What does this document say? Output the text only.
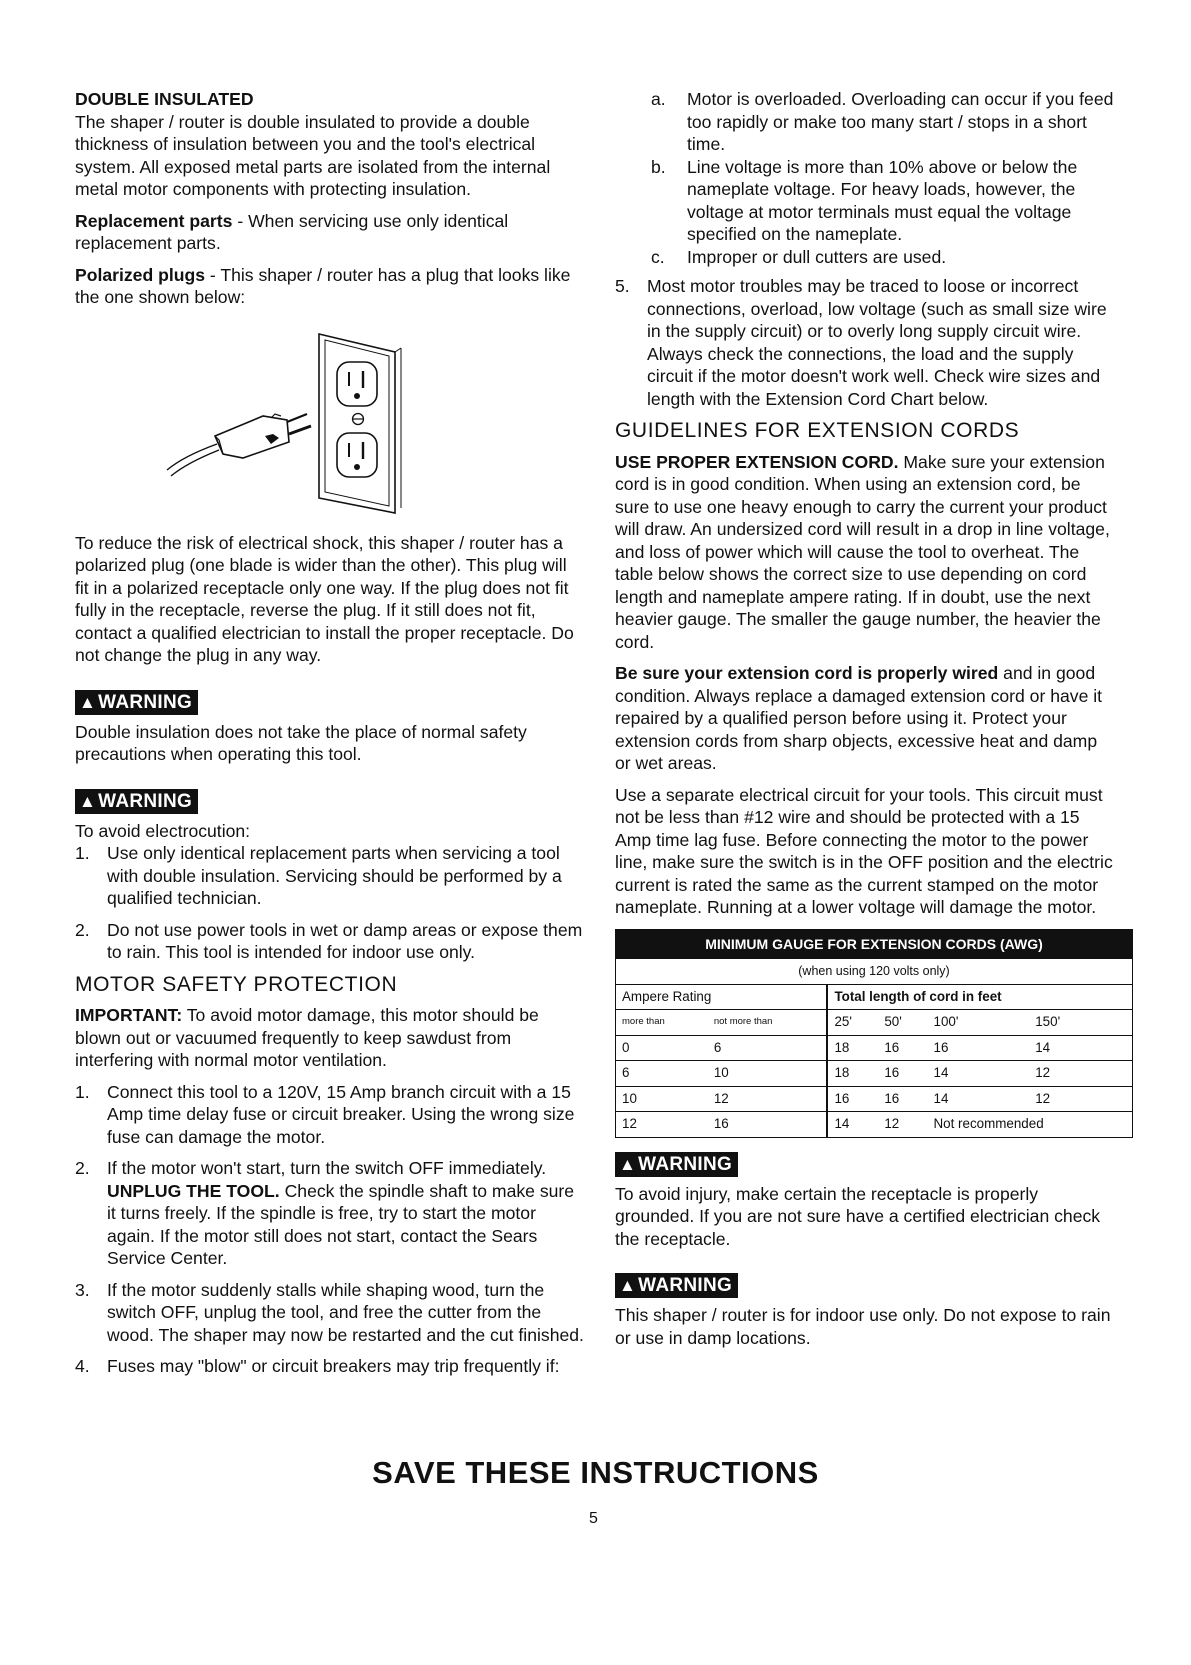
DOUBLE INSULATED

The shaper / router is double insulated to provide a double thickness of insulation between you and the tool's electrical system. All exposed metal parts are isolated from the internal metal motor components with protecting insulation.

Replacement parts - When servicing use only identical replacement parts.

Polarized plugs - This shaper / router has a plug that looks like the one shown below:

To reduce the risk of electrical shock, this shaper / router has a polarized plug (one blade is wider than the other). This plug will fit in a polarized receptacle only one way. If the plug does not fit fully in the receptacle, reverse the plug. If it still does not fit, contact a qualified electrician to install the proper receptacle. Do not change the plug in any way.

▲ WARNING

Double insulation does not take the place of normal safety precautions when operating this tool.

▲ WARNING

To avoid electrocution:

1. Use only identical replacement parts when servicing a tool with double insulation. Servicing should be performed by a qualified technician.
2. Do not use power tools in wet or damp areas or expose them to rain. This tool is intended for indoor use only.

MOTOR SAFETY PROTECTION

IMPORTANT: To avoid motor damage, this motor should be blown out or vacuumed frequently to keep sawdust from interfering with normal motor ventilation.

1. Connect this tool to a 120V, 15 Amp branch circuit with a 15 Amp time delay fuse or circuit breaker. Using the wrong size fuse can damage the motor.
2. If the motor won't start, turn the switch OFF immediately. UNPLUG THE TOOL. Check the spindle shaft to make sure it turns freely. If the spindle is free, try to start the motor again. If the motor still does not start, contact the Sears Service Center.
3. If the motor suddenly stalls while shaping wood, turn the switch OFF, unplug the tool, and free the cutter from the wood. The shaper may now be restarted and the cut finished.
4. Fuses may "blow" or circuit breakers may trip frequently if:
a. Motor is overloaded. Overloading can occur if you feed too rapidly or make too many start / stops in a short time.
b. Line voltage is more than 10% above or below the nameplate voltage. For heavy loads, however, the voltage at motor terminals must equal the voltage specified on the nameplate.
c. Improper or dull cutters are used.
5. Most motor troubles may be traced to loose or incorrect connections, overload, low voltage (such as small size wire in the supply circuit) or to overly long supply circuit wire. Always check the connections, the load and the supply circuit if the motor doesn't work well. Check wire sizes and length with the Extension Cord Chart below.

GUIDELINES FOR EXTENSION CORDS

USE PROPER EXTENSION CORD. Make sure your extension cord is in good condition. When using an extension cord, be sure to use one heavy enough to carry the current your product will draw. An undersized cord will result in a drop in line voltage, and loss of power which will cause the tool to overheat. The table below shows the correct size to use depending on cord length and nameplate ampere rating. If in doubt, use the next heavier gauge. The smaller the gauge number, the heavier the cord.

Be sure your extension cord is properly wired and in good condition. Always replace a damaged extension cord or have it repaired by a qualified person before using it. Protect your extension cords from sharp objects, excessive heat and damp or wet areas.

Use a separate electrical circuit for your tools. This circuit must not be less than #12 wire and should be protected with a 15 Amp time lag fuse. Before connecting the motor to the power line, make sure the switch is in the OFF position and the electric current is rated the same as the current stamped on the motor nameplate. Running at a lower voltage will damage the motor.

MINIMUM GAUGE FOR EXTENSION CORDS (AWG)					
(when using 120 volts only)					
Ampere Rating		Total length of cord in feet			
more than	not more than	25'	50'	100'	150'
0	6	18	16	16	14
6	10	18	16	14	12
10	12	16	16	14	12
12	16	14	12	Not recommended	
▲ WARNING

To avoid injury, make certain the receptacle is properly grounded. If you are not sure have a certified electrician check the receptacle.

▲ WARNING

This shaper / router is for indoor use only. Do not expose to rain or use in damp locations.

SAVE THESE INSTRUCTIONS
5
